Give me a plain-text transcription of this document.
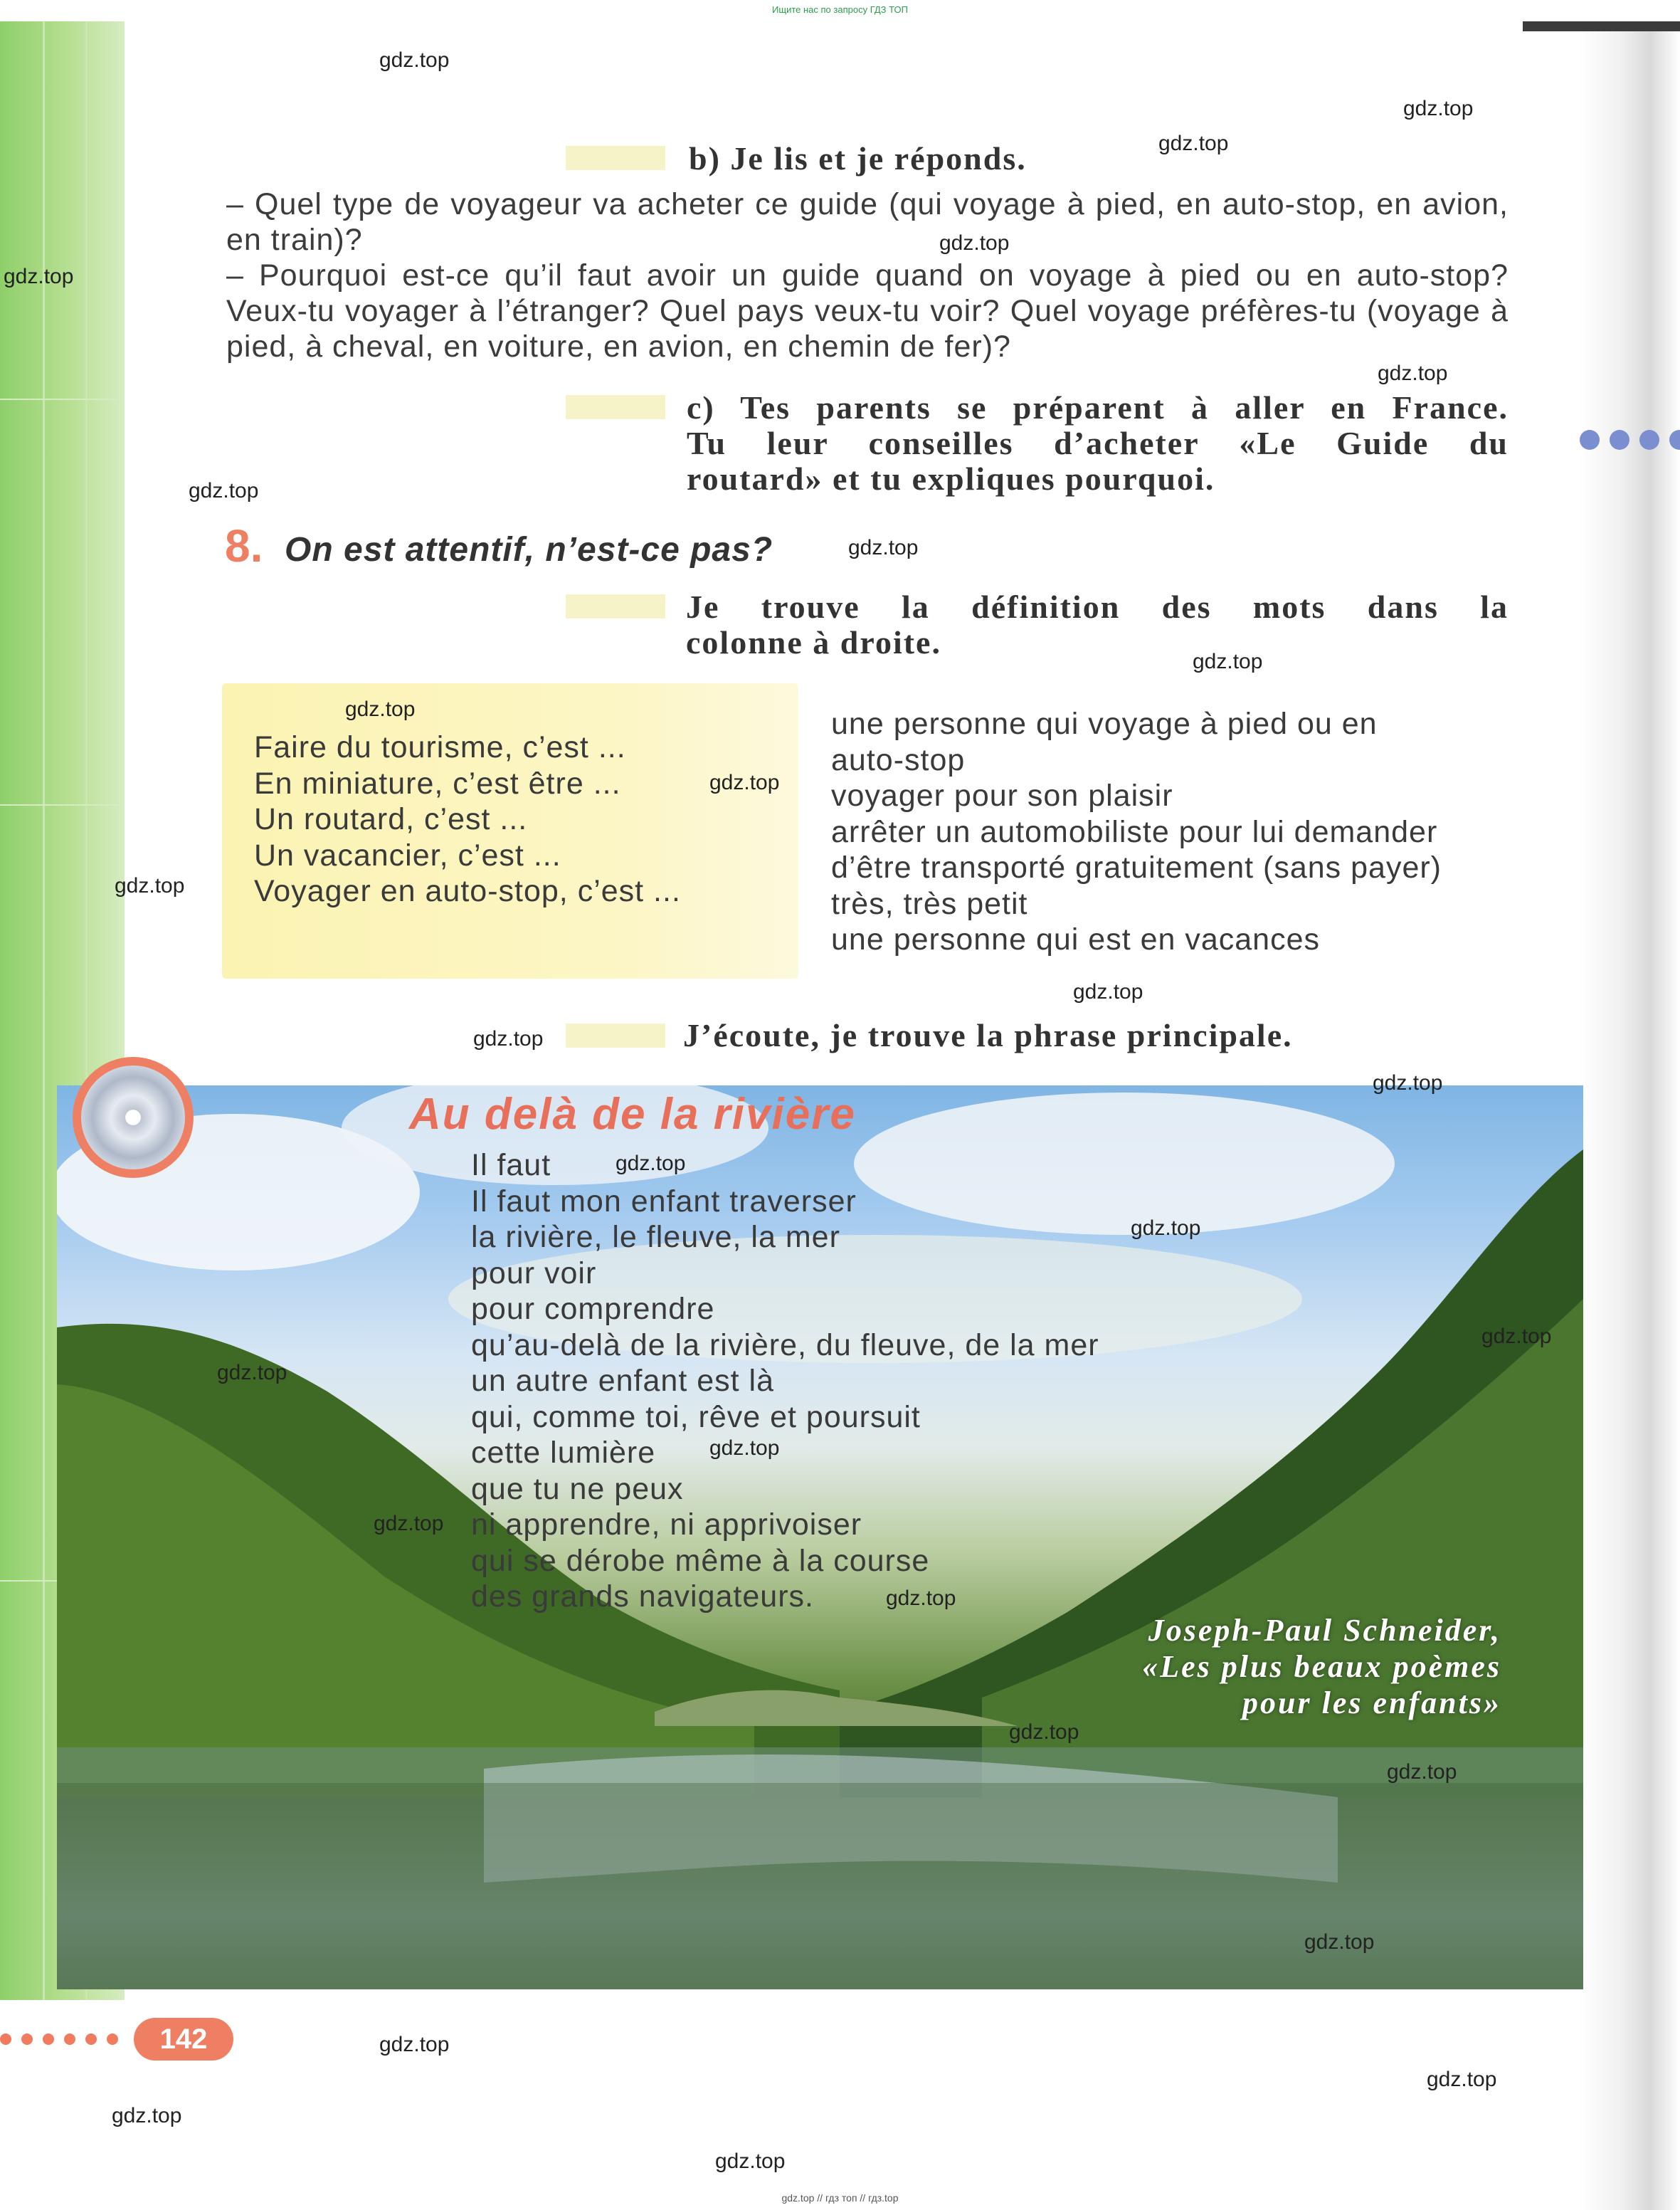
Ищите нас по запросу ГДЗ ТОП
b) Je lis et je réponds.
– Quel type de voyageur va acheter ce guide (qui voyage à pied, en auto-stop, en avion, en train)?
– Pourquoi est-ce qu’il faut avoir un guide quand on voyage à pied ou en auto-stop? Veux-tu voyager à l’étranger? Quel pays veux-tu voir? Quel voyage préfères-tu (voyage à pied, à cheval, en voiture, en avion, en chemin de fer)?
c) Tes parents se préparent à aller en France.
Tu leur conseilles d’acheter «Le Guide du
routard» et tu expliques pourquoi.
8. On est attentif, n’est-ce pas?
Je trouve la définition des mots dans la
colonne à droite.
Faire du tourisme, c’est ...
En miniature, c’est être ...
Un routard, c’est ...
Un vacancier, c’est ...
Voyager en auto-stop, c’est ...
une personne qui voyage à pied ou en
auto-stop
voyager pour son plaisir
arrêter un automobiliste pour lui demander
d’être transporté gratuitement (sans payer)
très, très petit
une personne qui est en vacances
J’écoute, je trouve la phrase principale.
Au delà de la rivière
Il faut
Il faut mon enfant traverser
la rivière, le fleuve, la mer
pour voir
pour comprendre
qu’au-delà de la rivière, du fleuve, de la mer
un autre enfant est là
qui, comme toi, rêve et poursuit
cette lumière
que tu ne peux
ni apprendre, ni apprivoiser
qui se dérobe même à la course
des grands navigateurs.
Joseph-Paul Schneider,
«Les plus beaux poèmes
pour les enfants»
142
gdz.top
gdz.top
gdz.top
gdz.top
gdz.top
gdz.top
gdz.top
gdz.top
gdz.top
gdz.top
gdz.top
gdz.top
gdz.top
gdz.top
gdz.top
gdz.top
gdz.top
gdz.top
gdz.top
gdz.top
gdz.top
gdz.top
gdz.top
gdz.top
gdz.top
gdz.top
gdz.top
gdz.top
gdz.top
gdz.top // гдз топ // гдз.top
